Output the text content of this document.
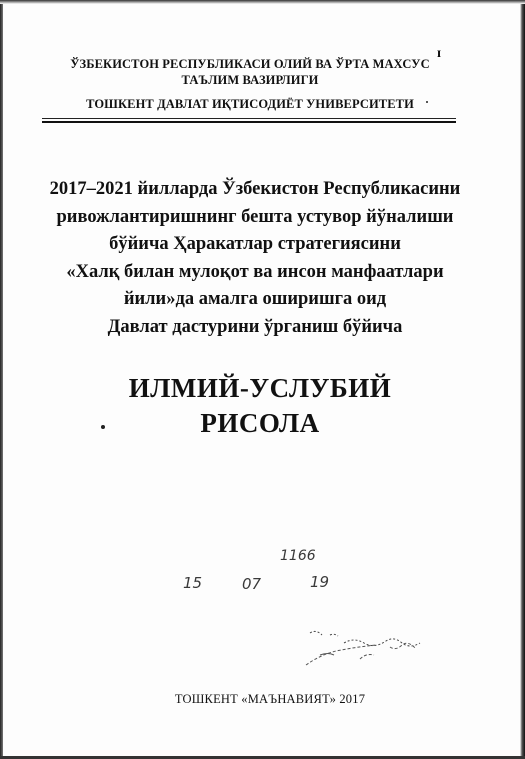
ɪ
ЎЗБЕКИСТОН РЕСПУБЛИКАСИ ОЛИЙ ВА ЎРТА МАХСУС
ТАЪЛИМ ВАЗИРЛИГИ
ТОШКЕНТ ДАВЛАТ ИҚТИСОДИЁТ УНИВЕРСИТЕТИ
2017–2021 йилларда Ўзбекистон Республикасини
ривожлантиришнинг бешта устувор йўналиши
бўйича Ҳаракатлар стратегиясини
«Халқ билан мулоқот ва инсон манфаатлари
йили»да амалга оширишга оид
Давлат дастурини ўрганиш бўйича
ИЛМИЙ-УСЛУБИЙ
РИСОЛА
1166
15	07	19
ТОШКЕНТ «МАЪНАВИЯТ» 2017
